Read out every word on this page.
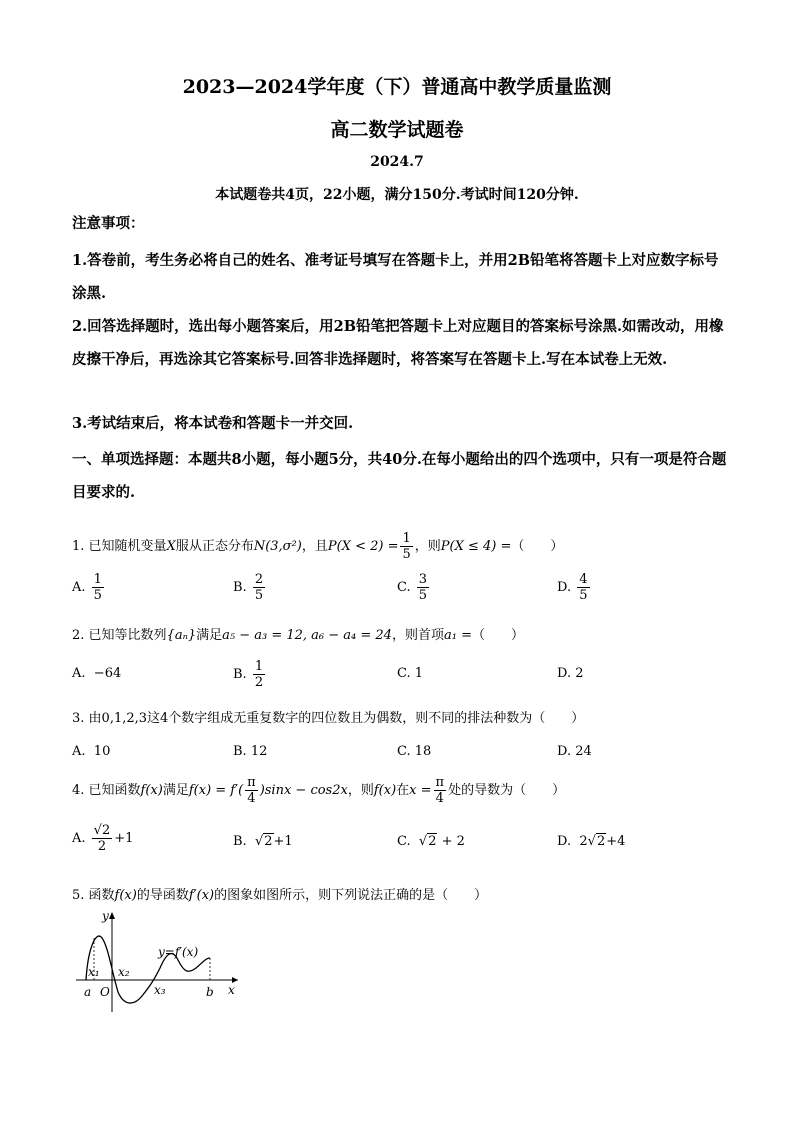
2023—2024学年度（下）普通高中教学质量监测
高二数学试题卷
2024.7
本试题卷共4页，22小题，满分150分.考试时间120分钟.
注意事项：
1.答卷前，考生务必将自己的姓名、准考证号填写在答题卡上，并用2B铅笔将答题卡上对应数字标号涂黑.
2.回答选择题时，选出每小题答案后，用2B铅笔把答题卡上对应题目的答案标号涂黑.如需改动，用橡皮擦干净后，再选涂其它答案标号.回答非选择题时，将答案写在答题卡上.写在本试卷上无效.
3.考试结束后，将本试卷和答题卡一并交回.
一、单项选择题：本题共8小题，每小题5分，共40分.在每小题给出的四个选项中，只有一项是符合题目要求的.
1. 已知随机变量X服从正态分布N(3,σ²)，且$P(X < 2) = \frac{1}{5}$ ，则P(X ≤ 4) =（　　）
A. $\frac{1}{5}$	B. $\frac{2}{5}$	C. $\frac{3}{5}$	D. $\frac{4}{5}$
2. 已知等比数列{aₙ}满足a₅ − a₃ = 12, a₆ − a₄ = 24，则首项a₁ =（　　）
A. −64	B. $\frac{1}{2}$	C. 1	D. 2
3. 由0,1,2,3这4个数字组成无重复数字的四位数且为偶数，则不同的排法种数为（　　）
A. 10	B. 12	C. 18	D. 24
4. 已知函数f(x)满足$f(x) = f'( \frac{\pi}{4} )\sin x - \cos 2x$，则f(x)在$x = \frac{\pi}{4}$ 处的导数为（　　）
A. $\frac{√2}{2} +1$	B.  √2+1	C.  √2 + 2	D. 2√2+4
5. 函数f(x)的导函数f′(x)的图象如图所示，则下列说法正确的是（　　）
y
x
O
a	b
x₁ x₂
x₃
y=f′(x)
